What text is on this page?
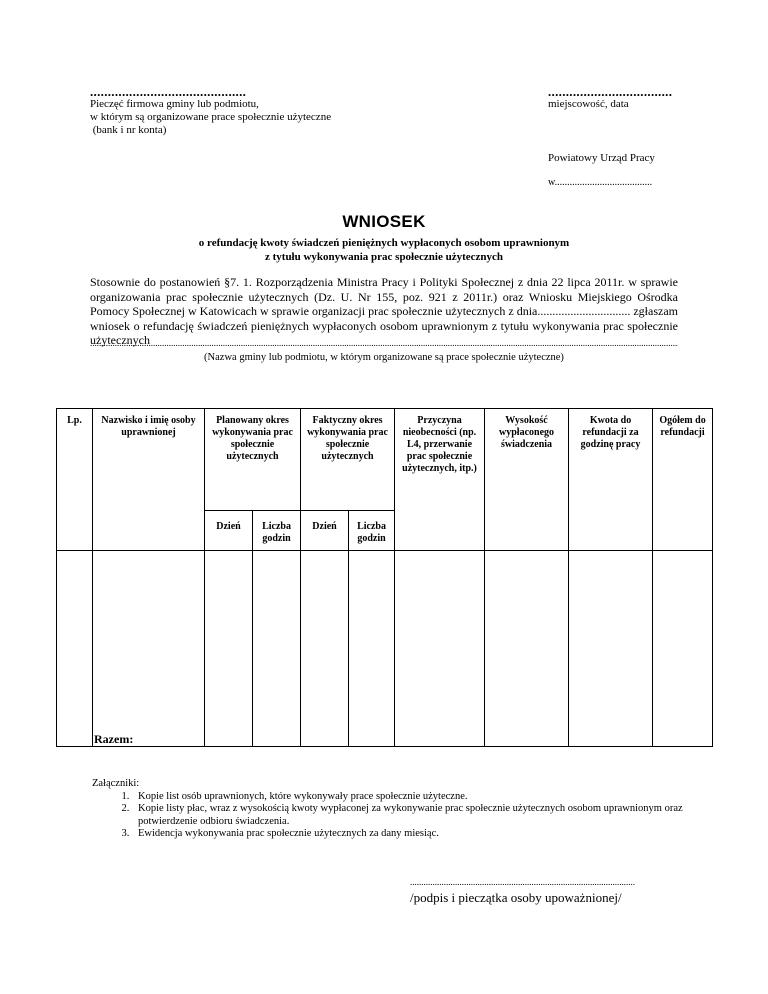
............................................
Pieczęć firmowa gminy lub podmiotu,
w którym są organizowane prace społecznie użyteczne
(bank i nr konta)
...................................
miejscowość, data
Powiatowy Urząd Pracy
w.......................................
WNIOSEK
o refundację kwoty świadczeń pieniężnych wypłaconych osobom uprawnionym
z tytułu wykonywania prac społecznie użytecznych
Stosownie do postanowień §7. 1. Rozporządzenia Ministra Pracy i Polityki Społecznej z dnia 22 lipca 2011r. w sprawie organizowania prac społecznie użytecznych (Dz. U. Nr 155, poz. 921 z 2011r.) oraz Wniosku Miejskiego Ośrodka Pomocy Społecznej w Katowicach w sprawie organizacji prac społecznie użytecznych z dnia............................... zgłaszam wniosek o refundację świadczeń pieniężnych wypłaconych osobom uprawnionym z tytułu wykonywania prac społecznie użytecznych
.....
(Nazwa gminy lub podmiotu, w którym organizowane są prace społecznie użyteczne)
Lp.	Nazwisko i imię osoby uprawnionej	Planowany okres wykonywania prac społecznie użytecznych		Faktyczny okres wykonywania prac społecznie użytecznych		Przyczyna nieobecności (np. L4, przerwanie prac społecznie użytecznych, itp.)	Wysokość wypłaconego świadczenia	Kwota do refundacji za godzinę pracy	Ogółem do refundacji
		Dzień	Liczba godzin	Dzień	Liczba godzin				

Razem:
Załączniki:
1. Kopie list osób uprawnionych, które wykonywały prace społecznie użyteczne.
2. Kopie listy płac, wraz z wysokością kwoty wypłaconej za wykonywanie prac społecznie użytecznych osobom uprawnionym oraz potwierdzenie odbioru świadczenia.
3. Ewidencja wykonywania prac społecznie użytecznych za dany miesiąc.
.....
/podpis i pieczątka osoby upoważnionej/
